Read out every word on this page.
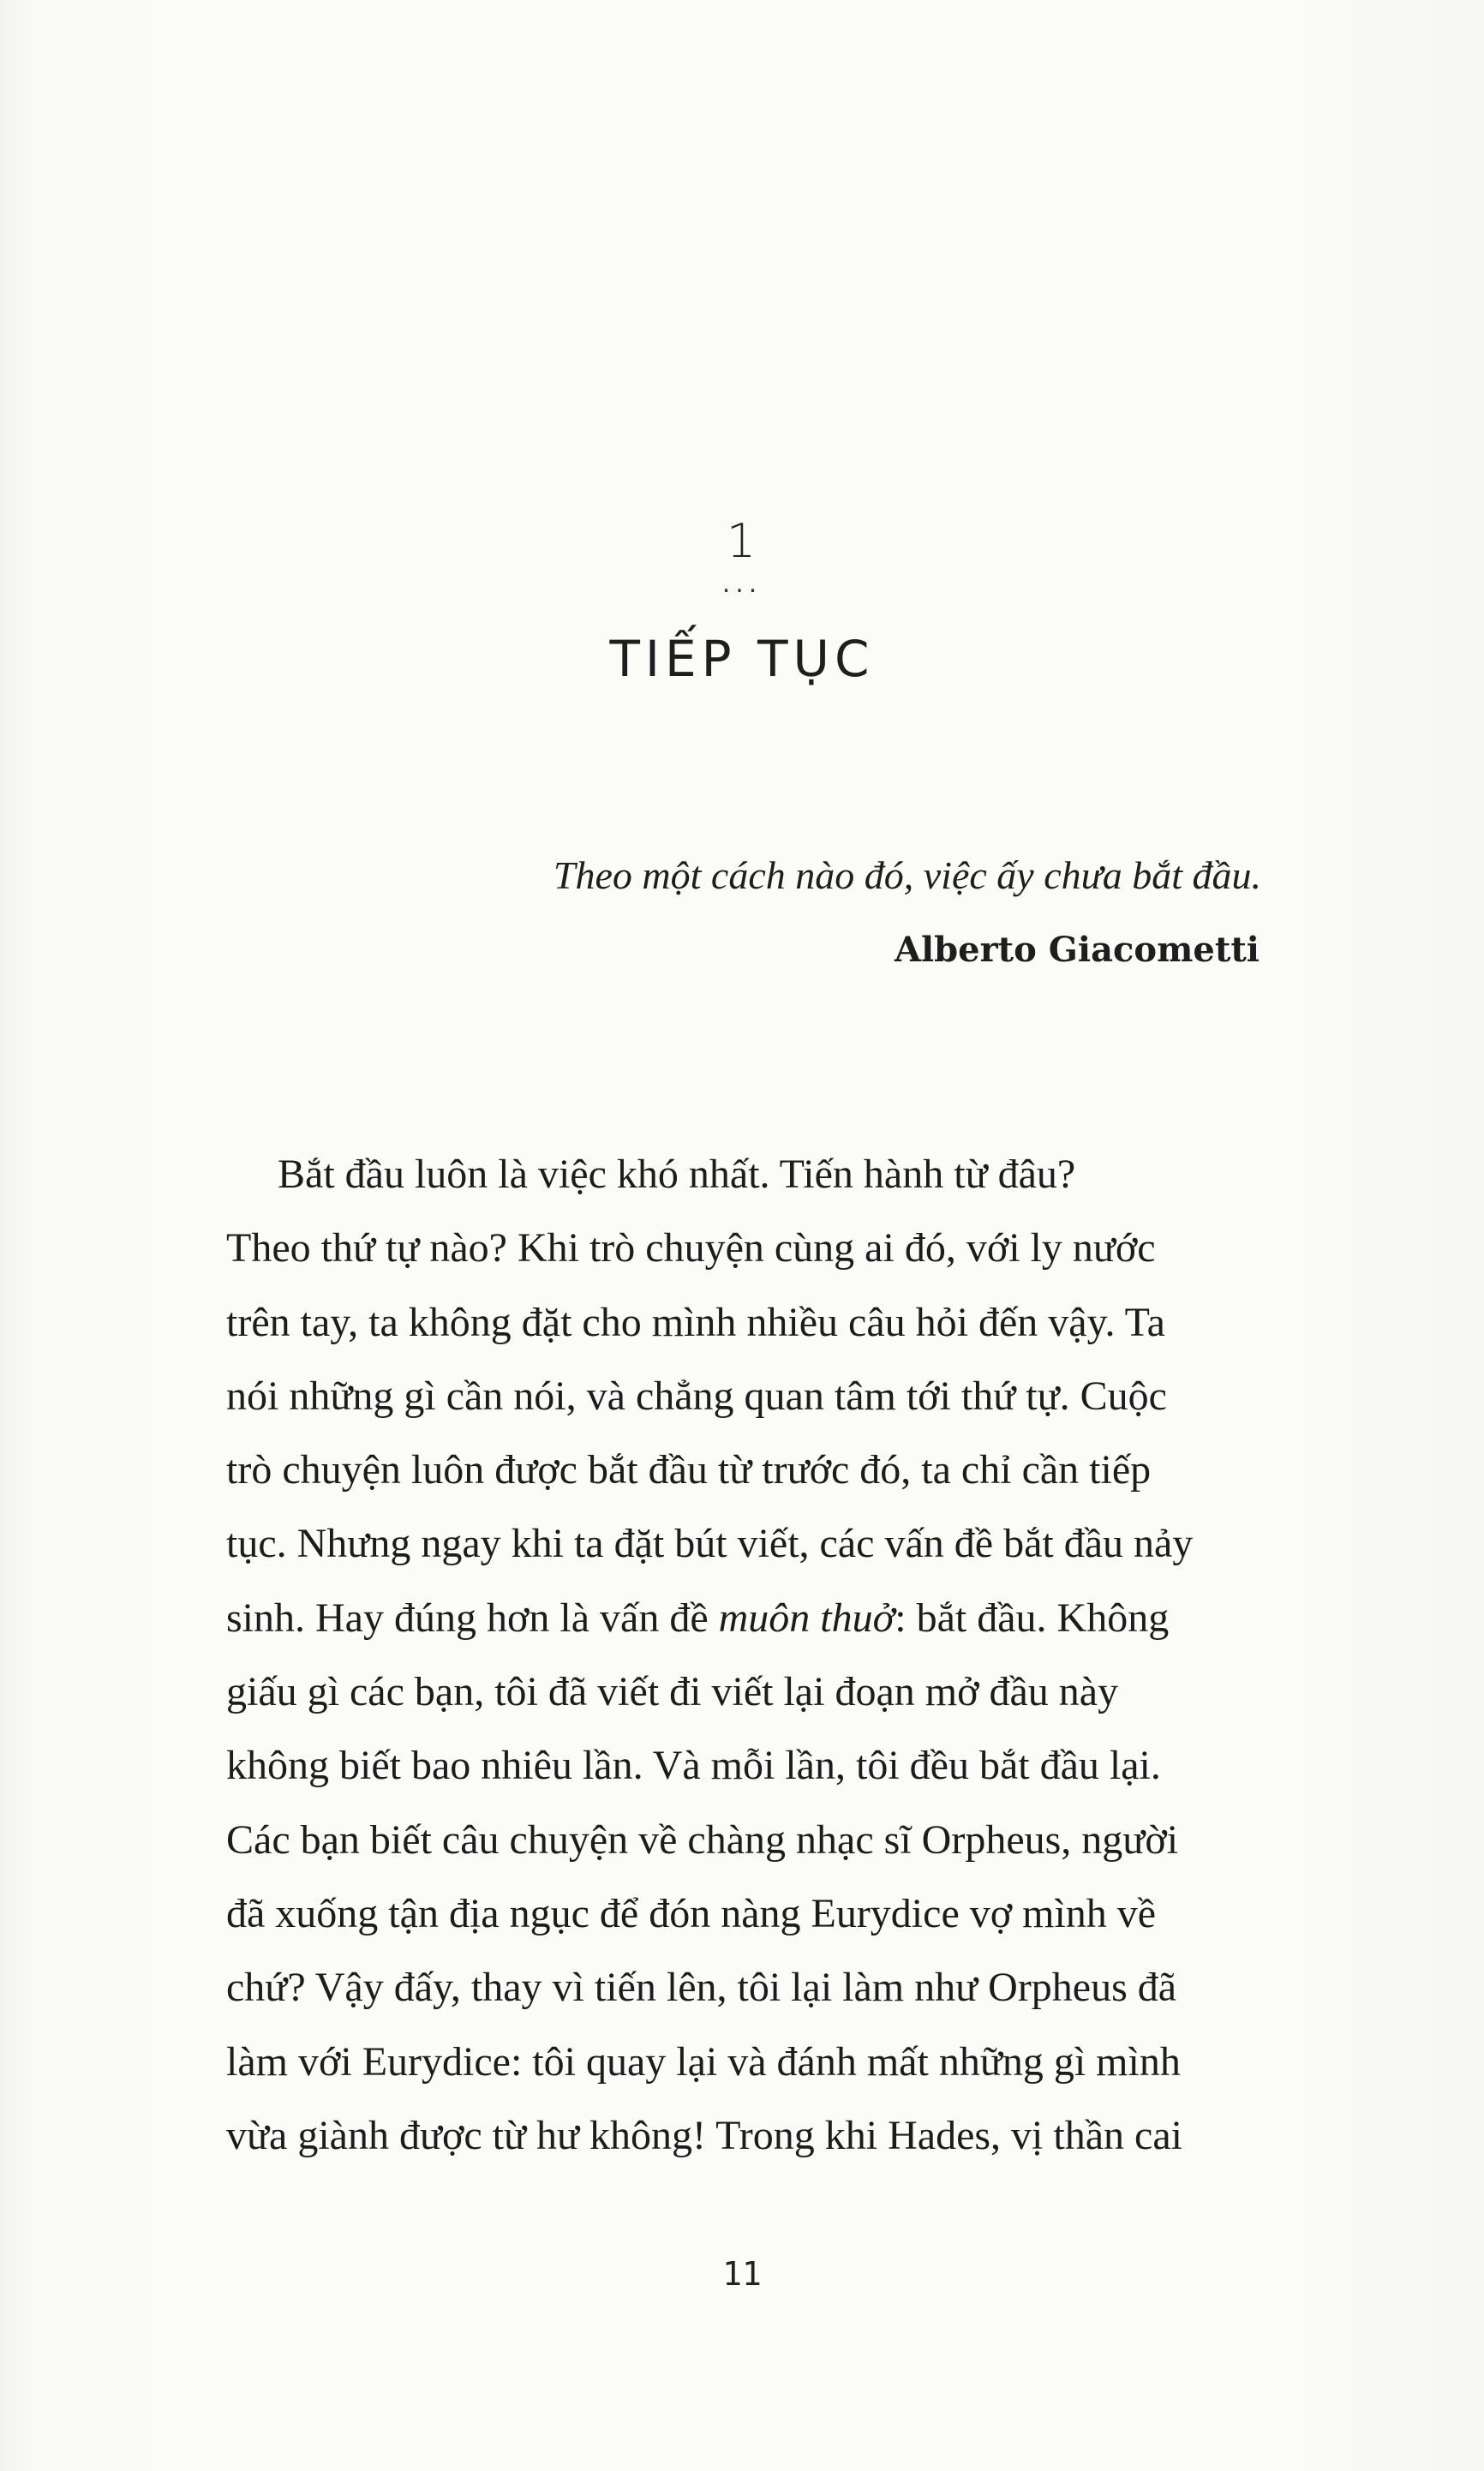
1
...
TIẾP TỤC
Theo một cách nào đó, việc ấy chưa bắt đầu.
Alberto Giacometti
Bắt đầu luôn là việc khó nhất. Tiến hành từ đâu?
Theo thứ tự nào? Khi trò chuyện cùng ai đó, với ly nước
trên tay, ta không đặt cho mình nhiều câu hỏi đến vậy. Ta
nói những gì cần nói, và chẳng quan tâm tới thứ tự. Cuộc
trò chuyện luôn được bắt đầu từ trước đó, ta chỉ cần tiếp
tục. Nhưng ngay khi ta đặt bút viết, các vấn đề bắt đầu nảy
sinh. Hay đúng hơn là vấn đề muôn thuở: bắt đầu. Không
giấu gì các bạn, tôi đã viết đi viết lại đoạn mở đầu này
không biết bao nhiêu lần. Và mỗi lần, tôi đều bắt đầu lại.
Các bạn biết câu chuyện về chàng nhạc sĩ Orpheus, người
đã xuống tận địa ngục để đón nàng Eurydice vợ mình về
chứ? Vậy đấy, thay vì tiến lên, tôi lại làm như Orpheus đã
làm với Eurydice: tôi quay lại và đánh mất những gì mình
vừa giành được từ hư không! Trong khi Hades, vị thần cai
11
